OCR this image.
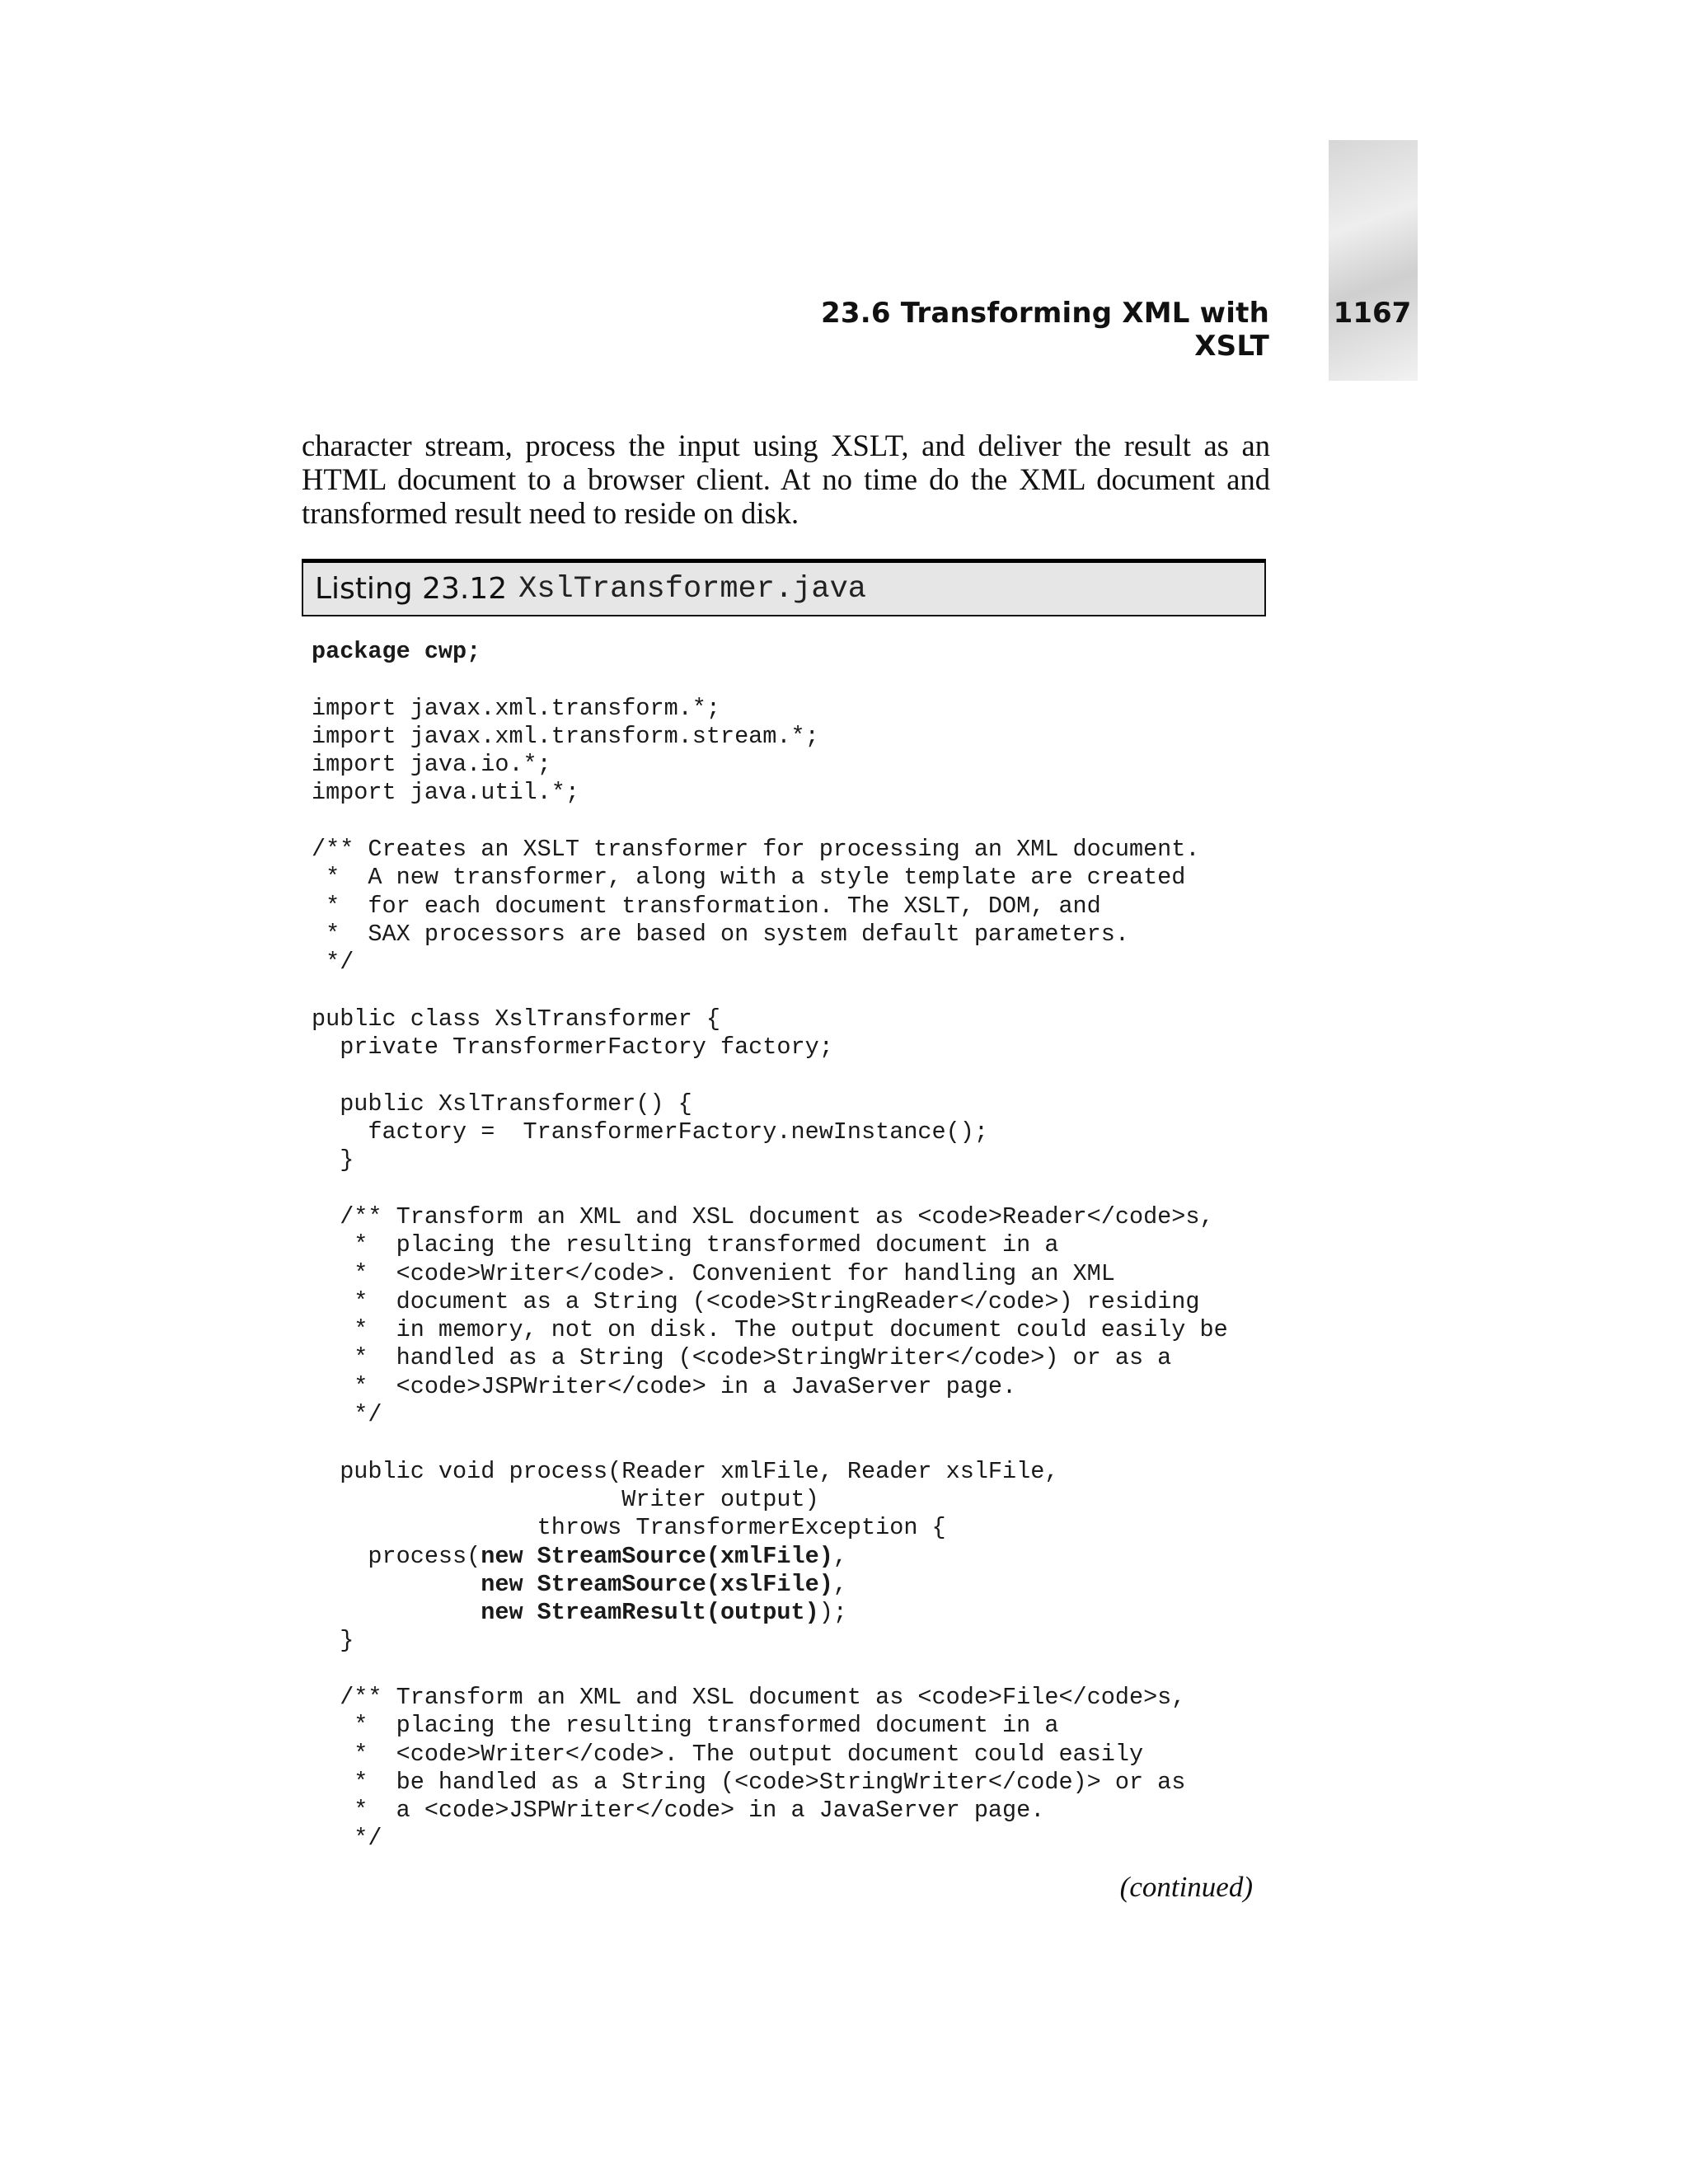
23.6 Transforming XML with XSLT
1167
character stream, process the input using XSLT, and deliver the result as an HTML document to a browser client. At no time do the XML document and transformed result need to reside on disk.
Listing 23.12 XslTransformer.java
package cwp;
import javax.xml.transform.*;
import javax.xml.transform.stream.*;
import java.io.*;
import java.util.*;
/** Creates an XSLT transformer for processing an XML document.
*  A new transformer, along with a style template are created
*  for each document transformation. The XSLT, DOM, and
*  SAX processors are based on system default parameters.
*/
public class XslTransformer {
private TransformerFactory factory;
public XslTransformer() {
factory =  TransformerFactory.newInstance();
}
/** Transform an XML and XSL document as <code>Reader</code>s,
*  placing the resulting transformed document in a
*  <code>Writer</code>. Convenient for handling an XML
*  document as a String (<code>StringReader</code>) residing
*  in memory, not on disk. The output document could easily be
*  handled as a String (<code>StringWriter</code>) or as a
*  <code>JSPWriter</code> in a JavaServer page.
*/
public void process(Reader xmlFile, Reader xslFile,
Writer output)
throws TransformerException {
process(new StreamSource(xmlFile),
new StreamSource(xslFile),
new StreamResult(output));
}
/** Transform an XML and XSL document as <code>File</code>s,
*  placing the resulting transformed document in a
*  <code>Writer</code>. The output document could easily
*  be handled as a String (<code>StringWriter</code)> or as
*  a <code>JSPWriter</code> in a JavaServer page.
*/
(continued)
